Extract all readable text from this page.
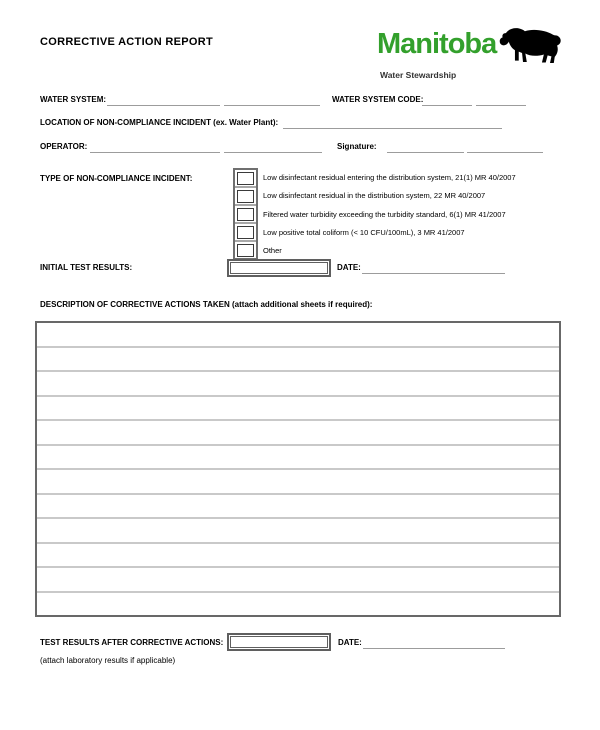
CORRECTIVE ACTION REPORT	Manitoba
Water Stewardship
WATER SYSTEM:	WATER SYSTEM CODE:
LOCATION OF NON-COMPLIANCE INCIDENT (ex. Water Plant):
OPERATOR:	Signature:
TYPE OF NON-COMPLIANCE INCIDENT:	Low disinfectant residual entering the distribution system, 21(1) MR 40/2007
Low disinfectant residual in the distribution system, 22 MR 40/2007
Filtered water turbidity exceeding the turbidity standard, 6(1) MR 41/2007
Low positive total coliform (< 10 CFU/100mL), 3 MR 41/2007
Other
INITIAL TEST RESULTS:	DATE:
DESCRIPTION OF CORRECTIVE ACTIONS TAKEN (attach additional sheets if required):
TEST RESULTS AFTER CORRECTIVE ACTIONS:	DATE:
(attach laboratory results if applicable)
